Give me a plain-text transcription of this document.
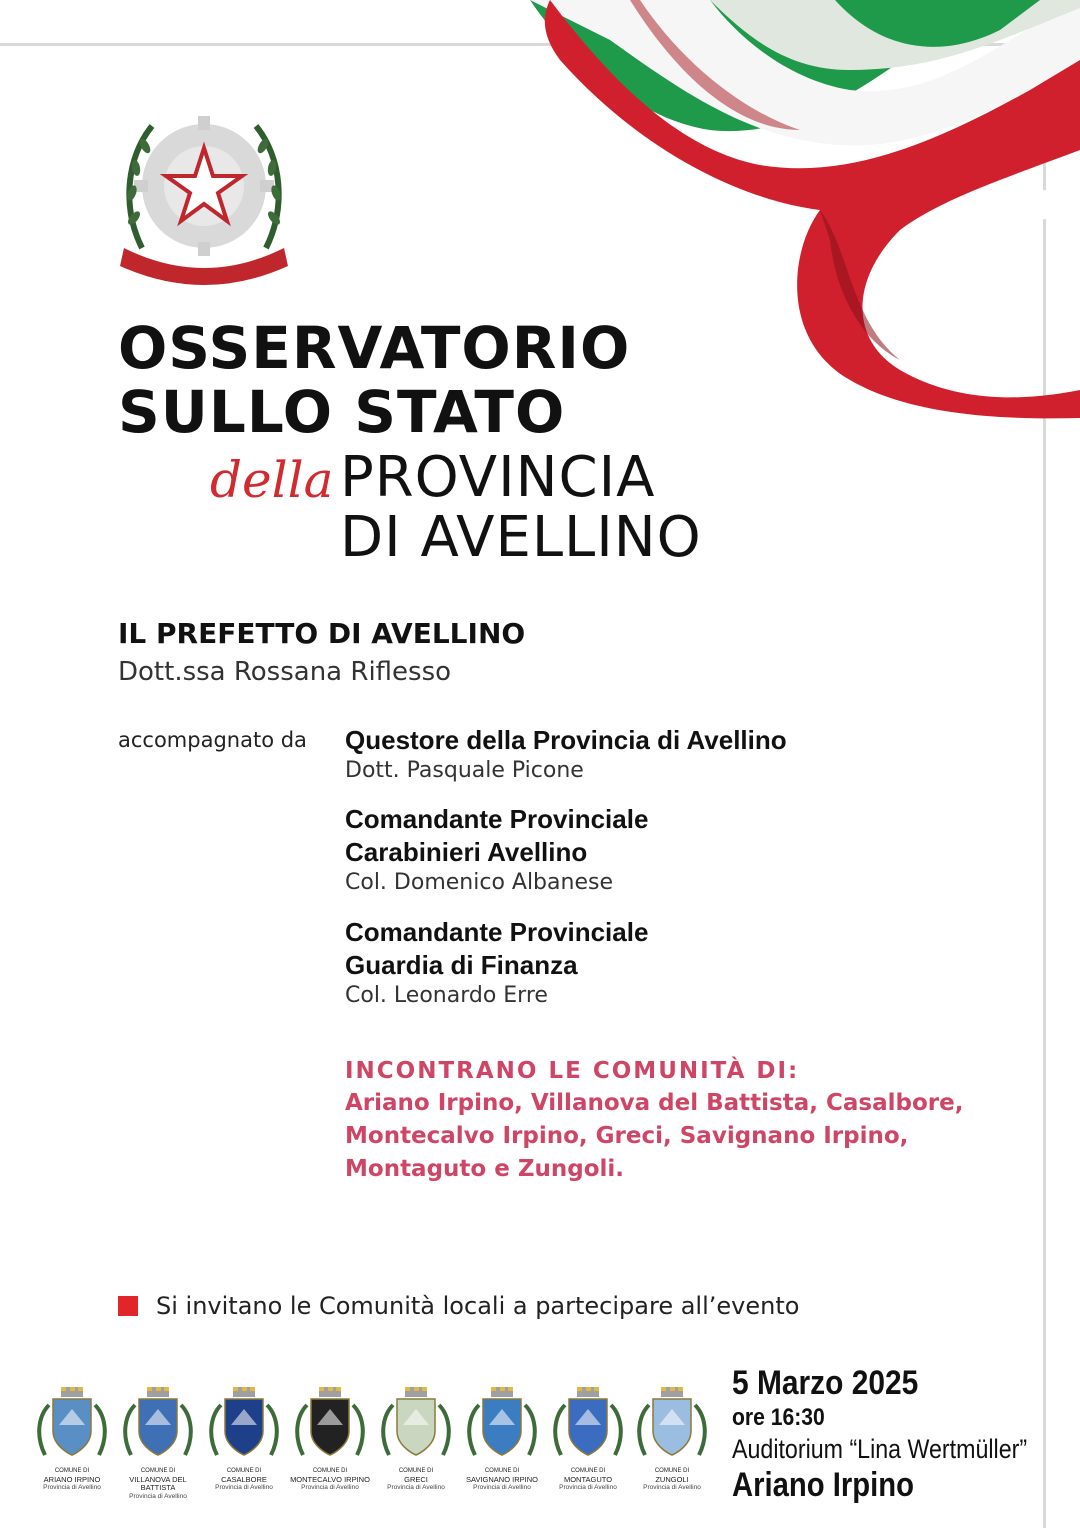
OSSERVATORIO
SULLO STATO
della PROVINCIA
DI AVELLINO
IL PREFETTO DI AVELLINO
Dott.ssa Rossana Riflesso
accompagnato da Questore della Provincia di Avellino
Dott. Pasquale Picone
Comandante Provinciale
Carabinieri Avellino
Col. Domenico Albanese
Comandante Provinciale
Guardia di Finanza
Col. Leonardo Erre
INCONTRANO LE COMUNITÀ DI:
Ariano Irpino, Villanova del Battista, Casalbore,
Montecalvo Irpino, Greci, Savignano Irpino,
Montaguto e Zungoli.
Si invitano le Comunità locali a partecipare all’evento
COMUNE DI
ARIANO IRPINO
Provincia di Avellino
COMUNE DI
VILLANOVA DEL BATTISTA
Provincia di Avellino
COMUNE DI
CASALBORE
Provincia di Avellino
COMUNE DI
MONTECALVO IRPINO
Provincia di Avellino
COMUNE DI
GRECI
Provincia di Avellino
COMUNE DI
SAVIGNANO IRPINO
Provincia di Avellino
COMUNE DI
MONTAGUTO
Provincia di Avellino
COMUNE DI
ZUNGOLI
Provincia di Avellino
5 Marzo 2025
ore 16:30
Auditorium “Lina Wertmüller”
Ariano Irpino
